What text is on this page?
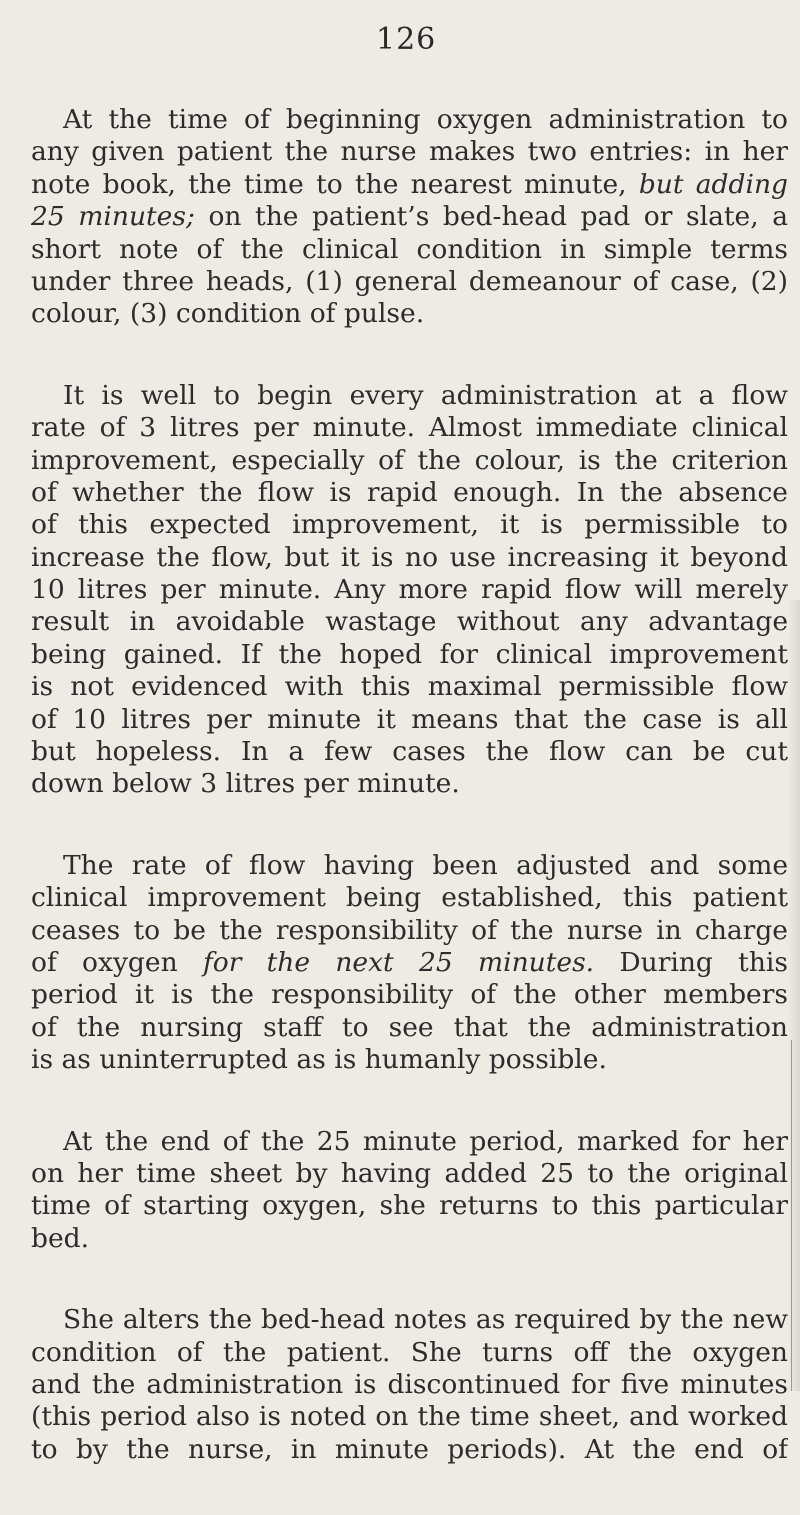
126
At the time of beginning oxygen administration to
any given patient the nurse makes two entries: in her
note book, the time to the nearest minute, but adding
25 minutes; on the patient’s bed-head pad or slate, a
short note of the clinical condition in simple terms
under three heads, (1) general demeanour of case, (2)
colour, (3) condition of pulse.
It is well to begin every administration at a flow
rate of 3 litres per minute. Almost immediate clinical
improvement, especially of the colour, is the criterion
of whether the flow is rapid enough. In the absence
of this expected improvement, it is permissible to
increase the flow, but it is no use increasing it beyond
10 litres per minute. Any more rapid flow will merely
result in avoidable wastage without any advantage
being gained. If the hoped for clinical improvement
is not evidenced with this maximal permissible flow
of 10 litres per minute it means that the case is all
but hopeless. In a few cases the flow can be cut
down below 3 litres per minute.
The rate of flow having been adjusted and some
clinical improvement being established, this patient
ceases to be the responsibility of the nurse in charge
of oxygen for the next 25 minutes. During this
period it is the responsibility of the other members
of the nursing staff to see that the administration
is as uninterrupted as is humanly possible.
At the end of the 25 minute period, marked for her
on her time sheet by having added 25 to the original
time of starting oxygen, she returns to this particular
bed.
She alters the bed-head notes as required by the new
condition of the patient. She turns off the oxygen
and the administration is discontinued for five minutes
(this period also is noted on the time sheet, and worked
to by the nurse, in minute periods). At the end of
